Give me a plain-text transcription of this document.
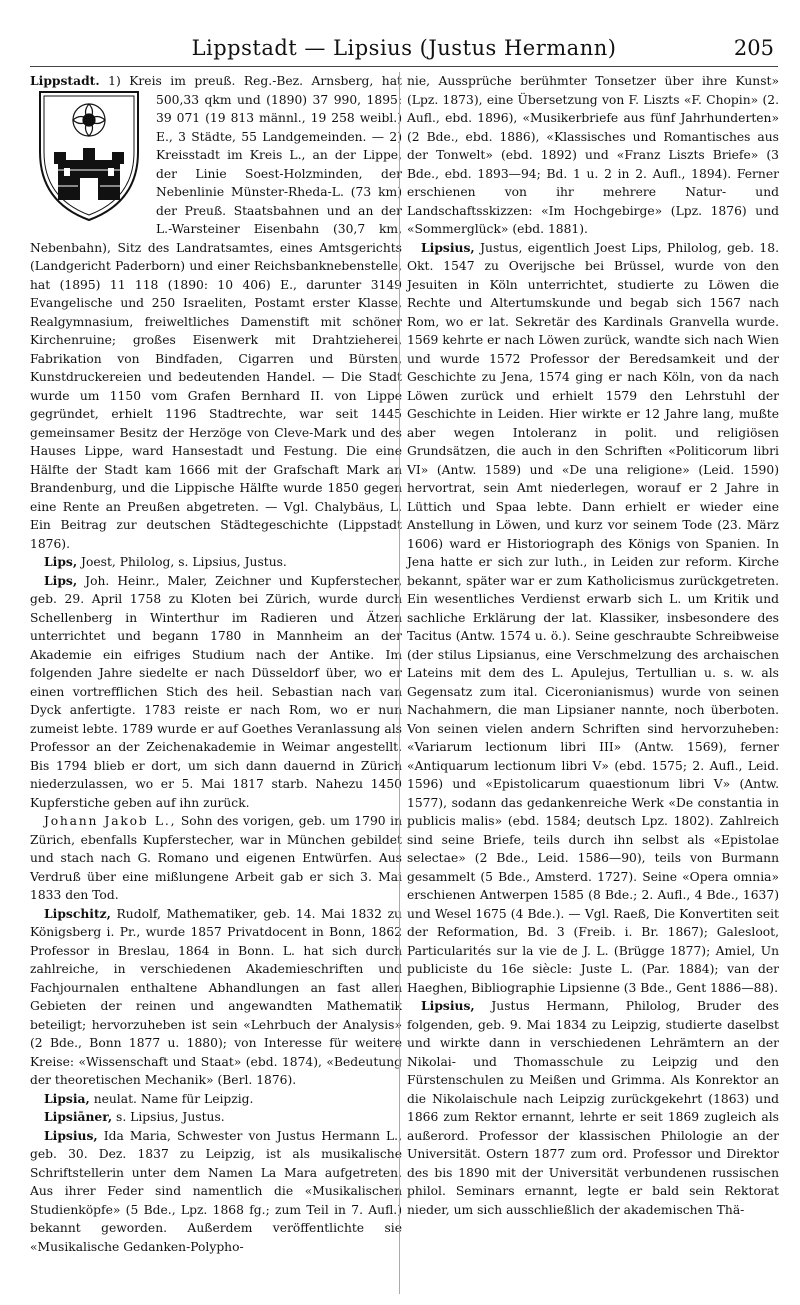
Lippstadt — Lipsius (Justus Hermann)	205
Lippstadt. 1) Kreis im preuß. Reg.-Bez. Arnsberg, hat 500,33 qkm und (1890) 37 990, 1895: 39 071 (19 813 männl., 19 258 weibl.) E., 3 Städte, 55 Landgemeinden. — 2) Kreisstadt im Kreis L., an der Lippe, der Linie Soest-Holzminden, der Nebenlinie Münster-Rheda-L. (73 km) der Preuß. Staatsbahnen und an der L.-Warsteiner Eisenbahn (30,7 km, Nebenbahn), Sitz des Landratsamtes, eines Amtsgerichts (Landgericht Paderborn) und einer Reichsbanknebenstelle, hat (1895) 11 118 (1890: 10 406) E., darunter 3149 Evangelische und 250 Israeliten, Postamt erster Klasse, Realgymnasium, freiweltliches Damenstift mit schöner Kirchenruine; großes Eisenwerk mit Drahtzieherei, Fabrikation von Bindfaden, Cigarren und Bürsten, Kunstdruckereien und bedeutenden Handel. — Die Stadt wurde um 1150 vom Grafen Bernhard II. von Lippe gegründet, erhielt 1196 Stadtrechte, war seit 1445 gemeinsamer Besitz der Herzöge von Cleve-Mark und des Hauses Lippe, ward Hansestadt und Festung. Die eine Hälfte der Stadt kam 1666 mit der Grafschaft Mark an Brandenburg, und die Lippische Hälfte wurde 1850 gegen eine Rente an Preußen abgetreten. — Vgl. Chalybäus, L. Ein Beitrag zur deutschen Städtegeschichte (Lippstadt 1876).

Lips, Joest, Philolog, s. Lipsius, Justus.

Lips, Joh. Heinr., Maler, Zeichner und Kupferstecher, geb. 29. April 1758 zu Kloten bei Zürich, wurde durch Schellenberg in Winterthur im Radieren und Ätzen unterrichtet und begann 1780 in Mannheim an der Akademie ein eifriges Studium nach der Antike. Im folgenden Jahre siedelte er nach Düsseldorf über, wo er einen vortrefflichen Stich des heil. Sebastian nach van Dyck anfertigte. 1783 reiste er nach Rom, wo er nun zumeist lebte. 1789 wurde er auf Goethes Veranlassung als Professor an der Zeichenakademie in Weimar angestellt. Bis 1794 blieb er dort, um sich dann dauernd in Zürich niederzulassen, wo er 5. Mai 1817 starb. Nahezu 1450 Kupferstiche geben auf ihn zurück.

Johann Jakob L., Sohn des vorigen, geb. um 1790 in Zürich, ebenfalls Kupferstecher, war in München gebildet und stach nach G. Romano und eigenen Entwürfen. Aus Verdruß über eine mißlungene Arbeit gab er sich 3. Mai 1833 den Tod.

Lipschitz, Rudolf, Mathematiker, geb. 14. Mai 1832 zu Königsberg i. Pr., wurde 1857 Privatdocent in Bonn, 1862 Professor in Breslau, 1864 in Bonn. L. hat sich durch zahlreiche, in verschiedenen Akademieschriften und Fachjournalen enthaltene Abhandlungen an fast allen Gebieten der reinen und angewandten Mathematik beteiligt; hervorzuheben ist sein «Lehrbuch der Analysis» (2 Bde., Bonn 1877 u. 1880); von Interesse für weitere Kreise: «Wissenschaft und Staat» (ebd. 1874), «Bedeutung der theoretischen Mechanik» (Berl. 1876).

Lipsia, neulat. Name für Leipzig.

Lipsiāner, s. Lipsius, Justus.

Lipsius, Ida Maria, Schwester von Justus Hermann L., geb. 30. Dez. 1837 zu Leipzig, ist als musikalische Schriftstellerin unter dem Namen La Mara aufgetreten. Aus ihrer Feder sind namentlich die «Musikalischen Studienköpfe» (5 Bde., Lpz. 1868 fg.; zum Teil in 7. Aufl.) bekannt geworden. Außerdem veröffentlichte sie «Musikalische Gedanken-Polypho-

nie, Aussprüche berühmter Tonsetzer über ihre Kunst» (Lpz. 1873), eine Übersetzung von F. Liszts «F. Chopin» (2. Aufl., ebd. 1896), «Musikerbriefe aus fünf Jahrhunderten» (2 Bde., ebd. 1886), «Klassisches und Romantisches aus der Tonwelt» (ebd. 1892) und «Franz Liszts Briefe» (3 Bde., ebd. 1893—94; Bd. 1 u. 2 in 2. Aufl., 1894). Ferner erschienen von ihr mehrere Natur- und Landschaftsskizzen: «Im Hochgebirge» (Lpz. 1876) und «Sommerglück» (ebd. 1881).

Lipsius, Justus, eigentlich Joest Lips, Philolog, geb. 18. Okt. 1547 zu Overijsche bei Brüssel, wurde von den Jesuiten in Köln unterrichtet, studierte zu Löwen die Rechte und Altertumskunde und begab sich 1567 nach Rom, wo er lat. Sekretär des Kardinals Granvella wurde. 1569 kehrte er nach Löwen zurück, wandte sich nach Wien und wurde 1572 Professor der Beredsamkeit und der Geschichte zu Jena, 1574 ging er nach Köln, von da nach Löwen zurück und erhielt 1579 den Lehrstuhl der Geschichte in Leiden. Hier wirkte er 12 Jahre lang, mußte aber wegen Intoleranz in polit. und religiösen Grundsätzen, die auch in den Schriften «Politicorum libri VI» (Antw. 1589) und «De una religione» (Leid. 1590) hervortrat, sein Amt niederlegen, worauf er 2 Jahre in Lüttich und Spaa lebte. Dann erhielt er wieder eine Anstellung in Löwen, und kurz vor seinem Tode (23. März 1606) ward er Historiograph des Königs von Spanien. In Jena hatte er sich zur luth., in Leiden zur reform. Kirche bekannt, später war er zum Katholicismus zurückgetreten. Ein wesentliches Verdienst erwarb sich L. um Kritik und sachliche Erklärung der lat. Klassiker, insbesondere des Tacitus (Antw. 1574 u. ö.). Seine geschraubte Schreibweise (der stilus Lipsianus, eine Verschmelzung des archaischen Lateins mit dem des L. Apulejus, Tertullian u. s. w. als Gegensatz zum ital. Ciceronianismus) wurde von seinen Nachahmern, die man Lipsianer nannte, noch überboten. Von seinen vielen andern Schriften sind hervorzuheben: «Variarum lectionum libri III» (Antw. 1569), ferner «Antiquarum lectionum libri V» (ebd. 1575; 2. Aufl., Leid. 1596) und «Epistolicarum quaestionum libri V» (Antw. 1577), sodann das gedankenreiche Werk «De constantia in publicis malis» (ebd. 1584; deutsch Lpz. 1802). Zahlreich sind seine Briefe, teils durch ihn selbst als «Epistolae selectae» (2 Bde., Leid. 1586—90), teils von Burmann gesammelt (5 Bde., Amsterd. 1727). Seine «Opera omnia» erschienen Antwerpen 1585 (8 Bde.; 2. Aufl., 4 Bde., 1637) und Wesel 1675 (4 Bde.). — Vgl. Raeß, Die Konvertiten seit der Reformation, Bd. 3 (Freib. i. Br. 1867); Galesloot, Particularités sur la vie de J. L. (Brügge 1877); Amiel, Un publiciste du 16e siècle: Juste L. (Par. 1884); van der Haeghen, Bibliographie Lipsienne (3 Bde., Gent 1886—88).

Lipsius, Justus Hermann, Philolog, Bruder des folgenden, geb. 9. Mai 1834 zu Leipzig, studierte daselbst und wirkte dann in verschiedenen Lehrämtern an der Nikolai- und Thomasschule zu Leipzig und den Fürstenschulen zu Meißen und Grimma. Als Konrektor an die Nikolaischule nach Leipzig zurückgekehrt (1863) und 1866 zum Rektor ernannt, lehrte er seit 1869 zugleich als außerord. Professor der klassischen Philologie an der Universität. Ostern 1877 zum ord. Professor und Direktor des bis 1890 mit der Universität verbundenen russischen philol. Seminars ernannt, legte er bald sein Rektorat nieder, um sich ausschließlich der akademischen Thä-
